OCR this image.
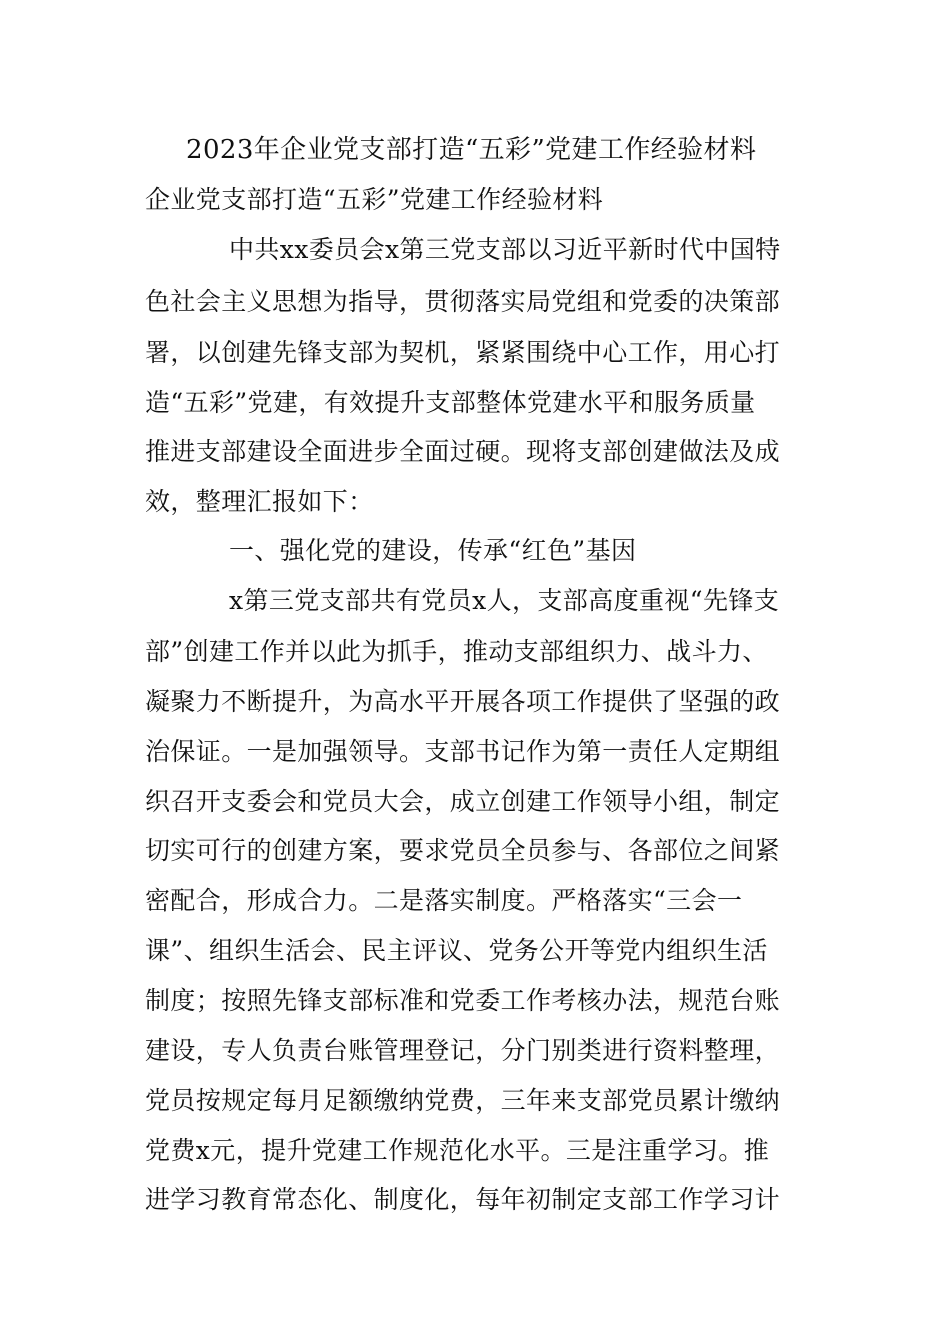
2023年企业党支部打造“五彩”党建工作经验材料
企业党支部打造“五彩”党建工作经验材料
中共xx委员会x第三党支部以习近平新时代中国特
色社会主义思想为指导，贯彻落实局党组和党委的决策部
署，以创建先锋支部为契机，紧紧围绕中心工作，用心打
造“五彩”党建，有效提升支部整体党建水平和服务质量
推进支部建设全面进步全面过硬。现将支部创建做法及成
效，整理汇报如下：
一、强化党的建设，传承“红色”基因
x第三党支部共有党员x人，支部高度重视“先锋支
部”创建工作并以此为抓手，推动支部组织力、战斗力、
凝聚力不断提升，为高水平开展各项工作提供了坚强的政
治保证。一是加强领导。支部书记作为第一责任人定期组
织召开支委会和党员大会，成立创建工作领导小组，制定
切实可行的创建方案，要求党员全员参与、各部位之间紧
密配合，形成合力。二是落实制度。严格落实“三会一
课”、组织生活会、民主评议、党务公开等党内组织生活
制度；按照先锋支部标准和党委工作考核办法，规范台账
建设，专人负责台账管理登记，分门别类进行资料整理，
党员按规定每月足额缴纳党费，三年来支部党员累计缴纳
党费x元，提升党建工作规范化水平。三是注重学习。推
进学习教育常态化、制度化，每年初制定支部工作学习计
